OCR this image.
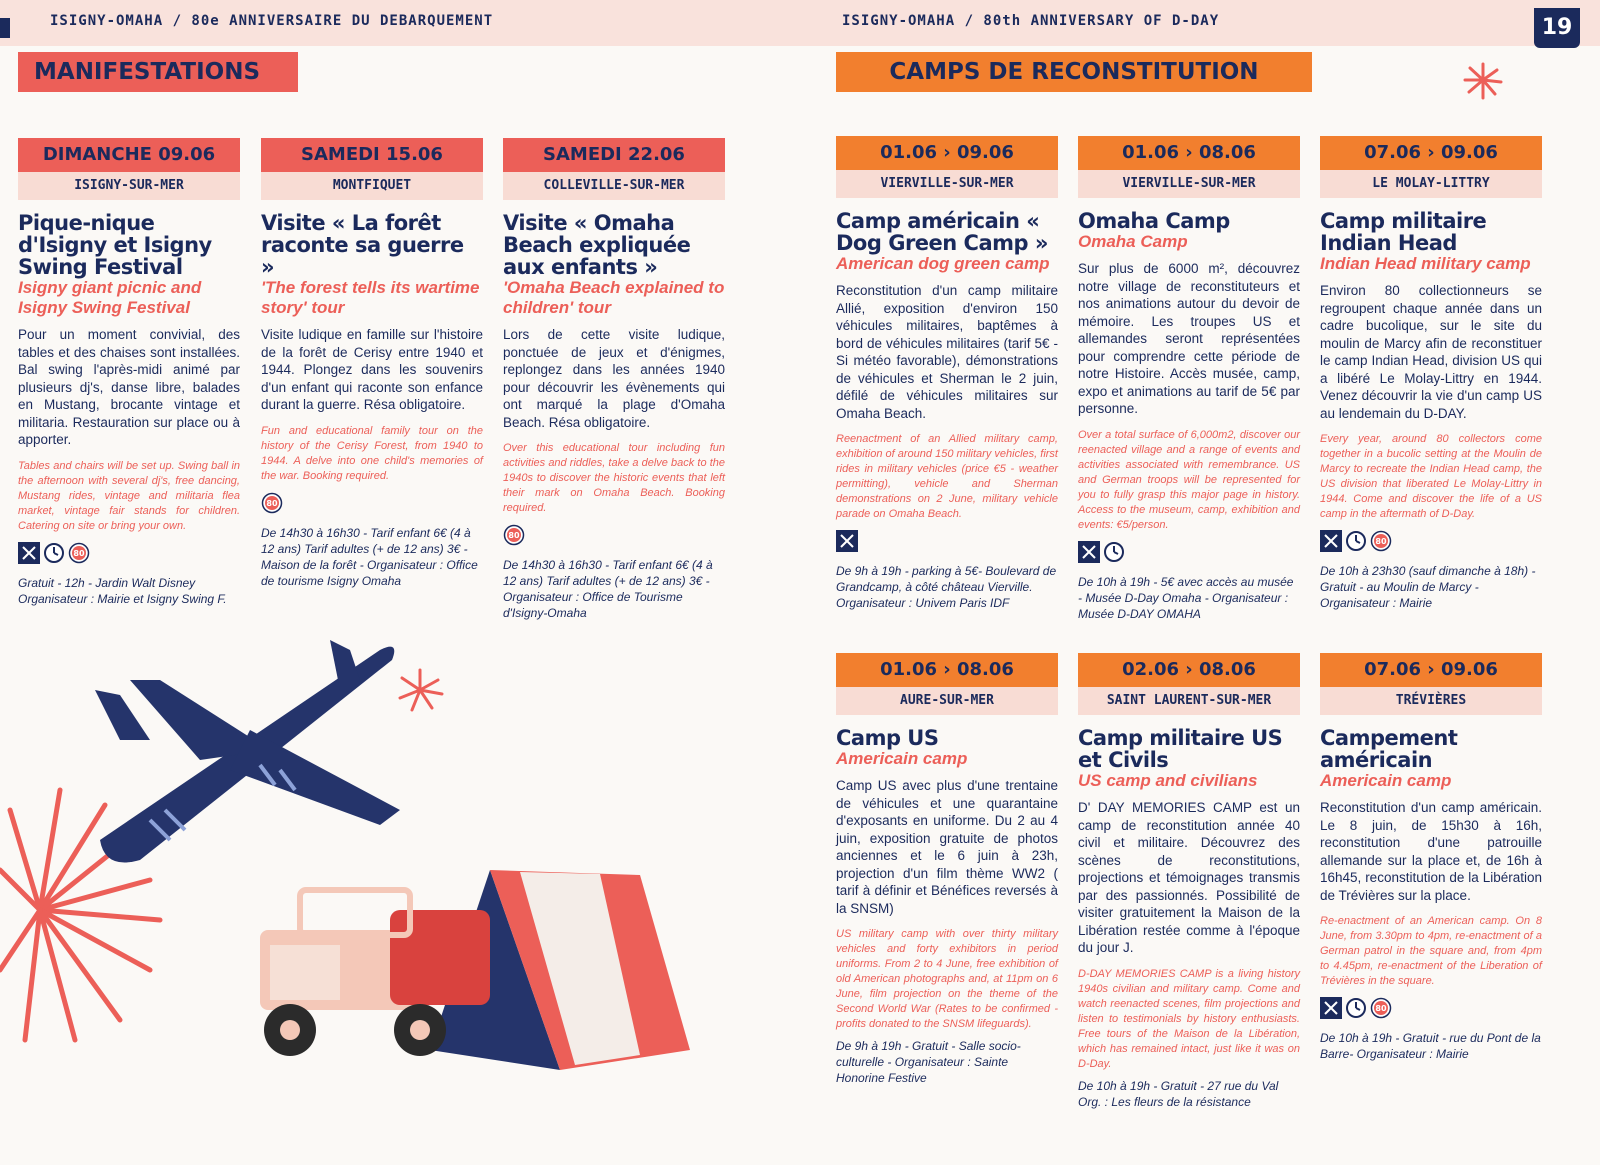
ISIGNY-OMAHA / 80e ANNIVERSAIRE DU DEBARQUEMENT	ISIGNY-OMAHA / 80th ANNIVERSARY OF D-DAY	19
MANIFESTATIONS	CAMPS DE RECONSTITUTION
DIMANCHE 09.06
ISIGNY-SUR-MER
Pique-nique d'Isigny et Isigny Swing Festival
Isigny giant picnic and Isigny Swing Festival
Pour un moment convivial, des tables et des chaises sont installées. Bal swing l'après-midi animé par plusieurs dj's, danse libre, balades en Mustang, brocante vintage et militaria. Restauration sur place ou à apporter.
Tables and chairs will be set up. Swing ball in the afternoon with several dj's, free dancing, Mustang rides, vintage and militaria flea market, vintage fair stands for children. Catering on site or bring your own.
80
Gratuit - 12h - Jardin Walt Disney Organisateur : Mairie et Isigny Swing F.
SAMEDI 15.06
MONTFIQUET
Visite « La forêt raconte sa guerre »
'The forest tells its wartime story' tour
Visite ludique en famille sur l'histoire de la forêt de Cerisy entre 1940 et 1944. Plongez dans les souvenirs d'un enfant qui raconte son enfance durant la guerre. Résa obligatoire.
Fun and educational family tour on the history of the Cerisy Forest, from 1940 to 1944. A delve into one child's memories of the war. Booking required.
80
De 14h30 à 16h30 - Tarif enfant 6€ (4 à 12 ans) Tarif adultes (+ de 12 ans) 3€ - Maison de la forêt - Organisateur : Office de tourisme Isigny Omaha
SAMEDI 22.06
COLLEVILLE-SUR-MER
Visite « Omaha Beach expliquée aux enfants »
'Omaha Beach explained to children' tour
Lors de cette visite ludique, ponctuée de jeux et d'énigmes, replongez dans les années 1940 pour découvrir les évènements qui ont marqué la plage d'Omaha Beach. Résa obligatoire.
Over this educational tour including fun activities and riddles, take a delve back to the 1940s to discover the historic events that left their mark on Omaha Beach. Booking required.
80
De 14h30 à 16h30 - Tarif enfant 6€ (4 à 12 ans) Tarif adultes (+ de 12 ans) 3€ - Organisateur : Office de Tourisme d'Isigny-Omaha
01.06 › 09.06
VIERVILLE-SUR-MER
Camp américain « Dog Green Camp »
American dog green camp
Reconstitution d'un camp militaire Allié, exposition d'environ 150 véhicules militaires, baptêmes à bord de véhicules militaires (tarif 5€ - Si météo favorable), démonstrations de véhicules et Sherman le 2 juin, défilé de véhicules militaires sur Omaha Beach.
Reenactment of an Allied military camp, exhibition of around 150 military vehicles, first rides in military vehicles (price €5 - weather permitting), vehicle and Sherman demonstrations on 2 June, military vehicle parade on Omaha Beach.
De 9h à 19h - parking à 5€- Boulevard de Grandcamp, à côté château Vierville. Organisateur : Univem Paris IDF
01.06 › 08.06
VIERVILLE-SUR-MER
Omaha Camp
Omaha Camp
Sur plus de 6000 m², découvrez notre village de reconstituteurs et nos animations autour du devoir de mémoire. Les troupes US et allemandes seront représentées pour comprendre cette période de notre Histoire. Accès musée, camp, expo et animations au tarif de 5€ par personne.
Over a total surface of 6,000m2, discover our reenacted village and a range of events and activities associated with remembrance. US and German troops will be represented for you to fully grasp this major page in history. Access to the museum, camp, exhibition and events: €5/person.
De 10h à 19h - 5€ avec accès au musée - Musée D-Day Omaha - Organisateur : Musée D-DAY OMAHA
07.06 › 09.06
LE MOLAY-LITTRY
Camp militaire Indian Head
Indian Head military camp
Environ 80 collectionneurs se regroupent chaque année dans un cadre bucolique, sur le site du moulin de Marcy afin de reconstituer le camp Indian Head, division US qui a libéré Le Molay-Littry en 1944. Venez découvrir la vie d'un camp US au lendemain du D-DAY.
Every year, around 80 collectors come together in a bucolic setting at the Moulin de Marcy to recreate the Indian Head camp, the US division that liberated Le Molay-Littry in 1944. Come and discover the life of a US camp in the aftermath of D-Day.
80
De 10h à 23h30 (sauf dimanche à 18h) - Gratuit - au Moulin de Marcy - Organisateur : Mairie
01.06 › 08.06
AURE-SUR-MER
Camp US
Americain camp
Camp US avec plus d'une trentaine de véhicules et une quarantaine d'exposants en uniforme. Du 2 au 4 juin, exposition gratuite de photos anciennes et le 6 juin à 23h, projection d'un film thème WW2 ( tarif à définir et Bénéfices reversés à la SNSM)
US military camp with over thirty military vehicles and forty exhibitors in period uniforms. From 2 to 4 June, free exhibition of old American photographs and, at 11pm on 6 June, film projection on the theme of the Second World War (Rates to be confirmed - profits donated to the SNSM lifeguards).
De 9h à 19h - Gratuit - Salle socio-culturelle - Organisateur : Sainte Honorine Festive
02.06 › 08.06
SAINT LAURENT-SUR-MER
Camp militaire US et Civils
US camp and civilians
D' DAY MEMORIES CAMP est un camp de reconstitution année 40 civil et militaire. Découvrez des scènes de reconstitutions, projections et témoignages transmis par des passionnés. Possibilité de visiter gratuitement la Maison de la Libération restée comme à l'époque du jour J.
D-DAY MEMORIES CAMP is a living history 1940s civilian and military camp. Come and watch reenacted scenes, film projections and listen to testimonials by history enthusiasts. Free tours of the Maison de la Libération, which has remained intact, just like it was on D-Day.
De 10h à 19h - Gratuit - 27 rue du Val Org. : Les fleurs de la résistance
07.06 › 09.06
TRÉVIÈRES
Campement américain
Americain camp
Reconstitution d'un camp américain. Le 8 juin, de 15h30 à 16h, reconstitution d'une patrouille allemande sur la place et, de 16h à 16h45, reconstitution de la Libération de Trévières sur la place.
Re-enactment of an American camp. On 8 June, from 3.30pm to 4pm, re-enactment of a German patrol in the square and, from 4pm to 4.45pm, re-enactment of the Liberation of Trévières in the square.
80
De 10h à 19h - Gratuit - rue du Pont de la Barre- Organisateur : Mairie
